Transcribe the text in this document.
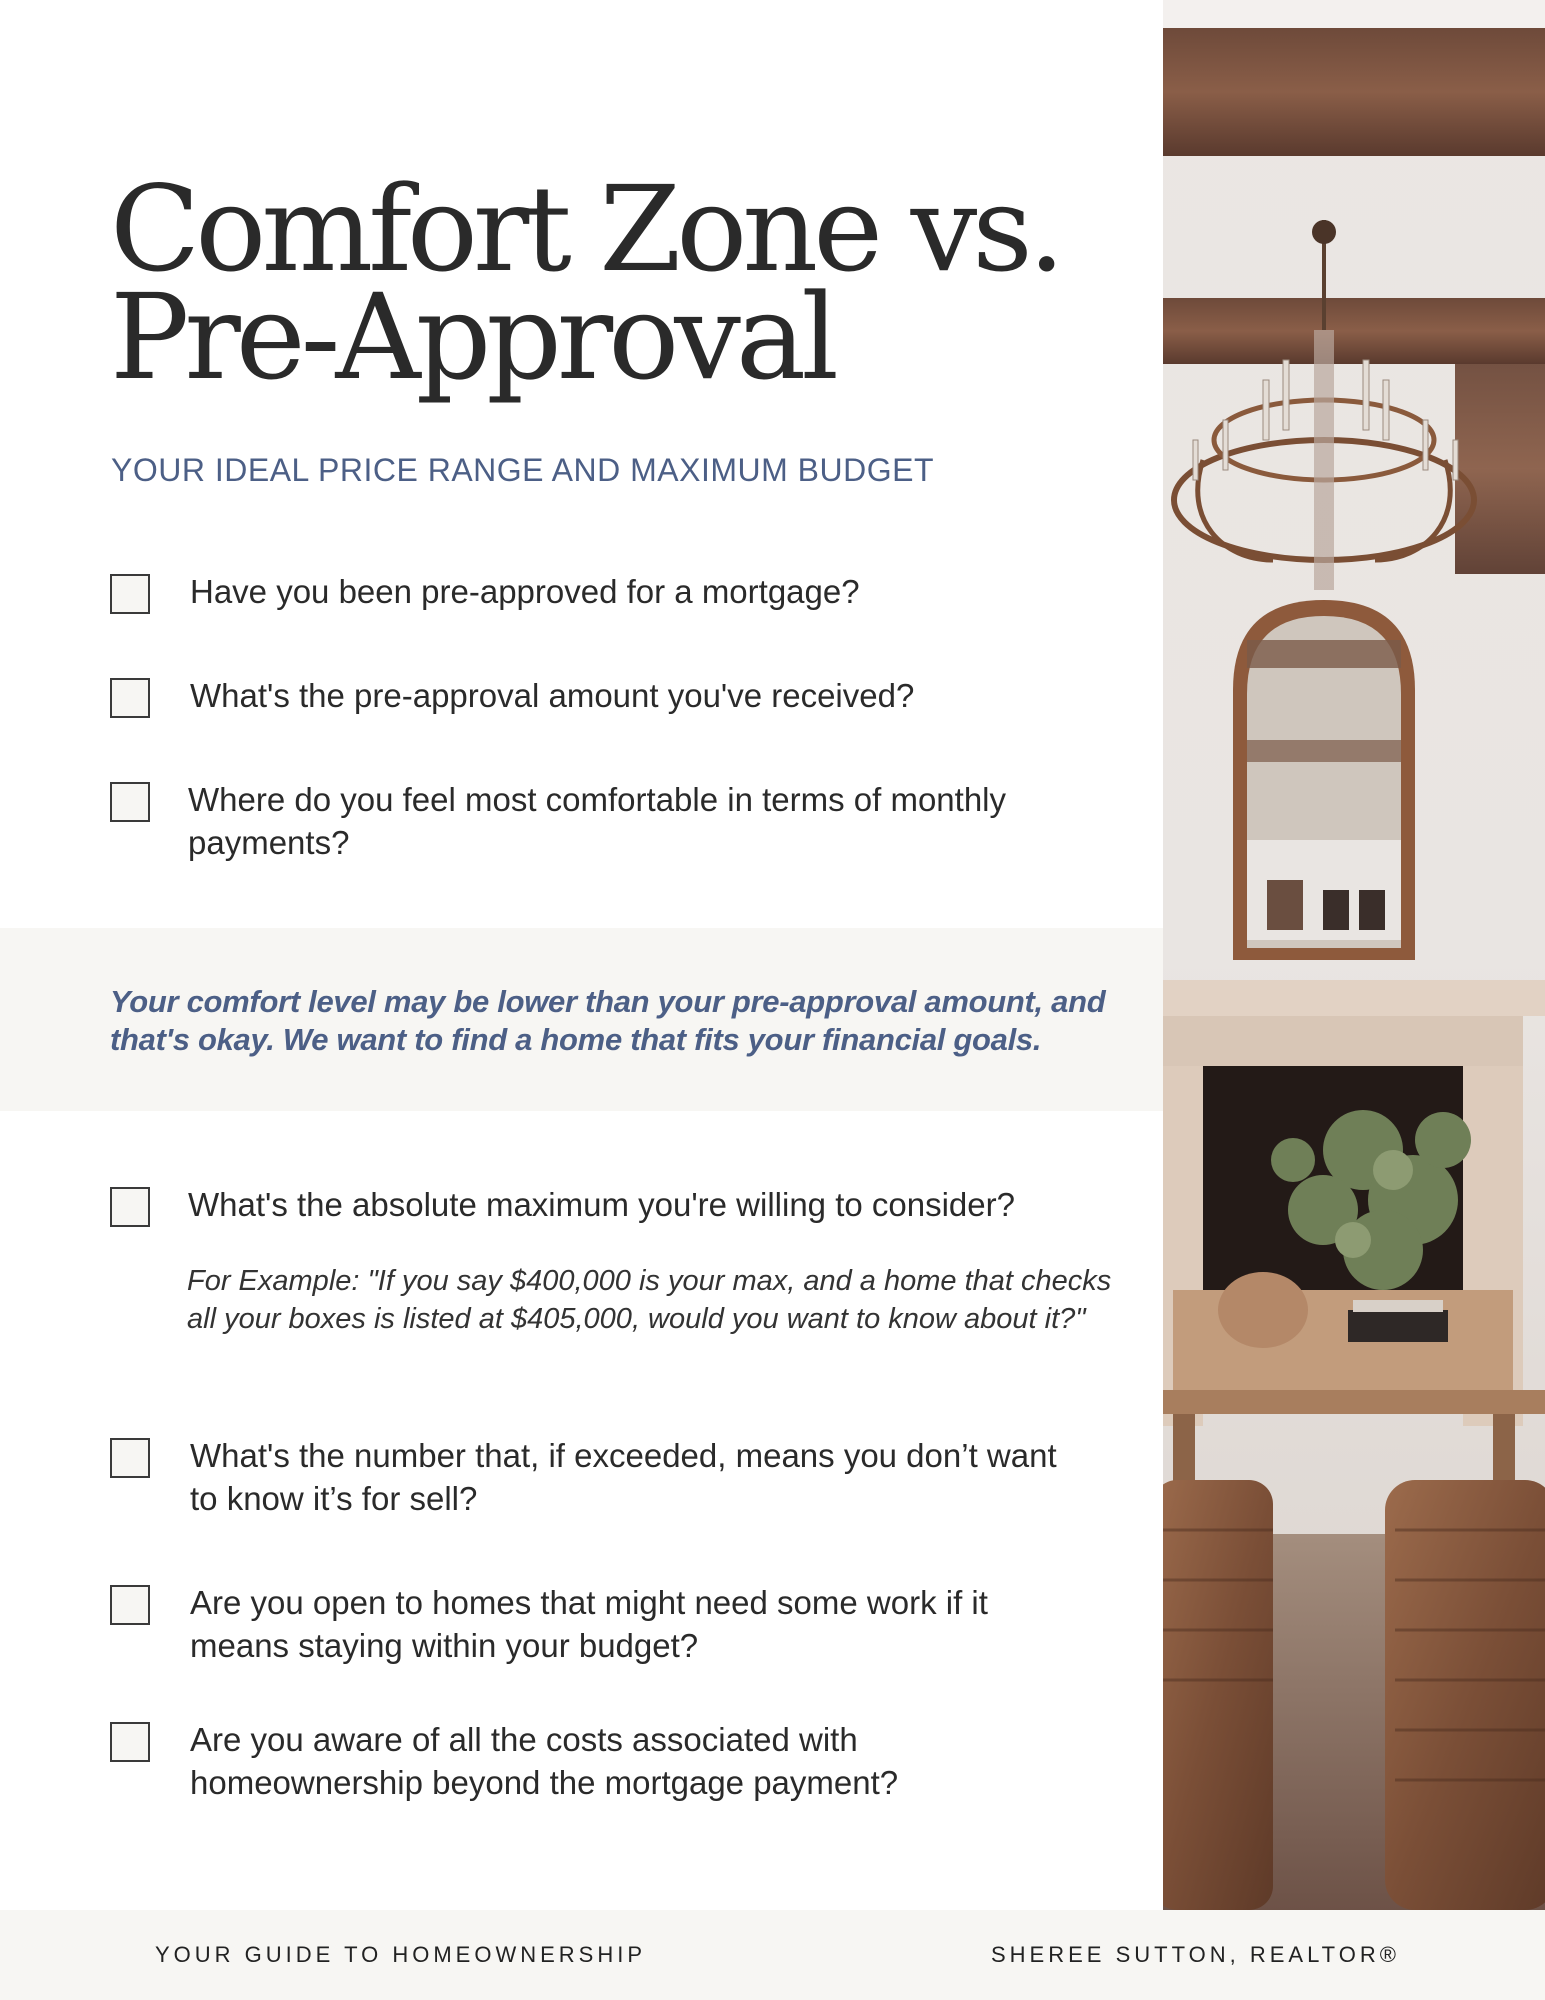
Comfort Zone vs.
Pre-Approval
YOUR IDEAL PRICE RANGE AND MAXIMUM BUDGET
Have you been pre-approved for a mortgage?
What's the pre-approval amount you've received?
Where do you feel most comfortable in terms of monthly payments?
Your comfort level may be lower than your pre-approval amount, and that's okay. We want to find a home that fits your financial goals.
What's the absolute maximum you're willing to consider?
For Example: "If you say $400,000 is your max, and a home that checks all your boxes is listed at $405,000, would you want to know about it?"
What's the number that, if exceeded, means you don’t want to know it’s for sell?
Are you open to homes that might need some work if it means staying within your budget?
Are you aware of all the costs associated with homeownership beyond the mortgage payment?
YOUR GUIDE TO HOMEOWNERSHIP	SHEREE SUTTON, REALTOR®
